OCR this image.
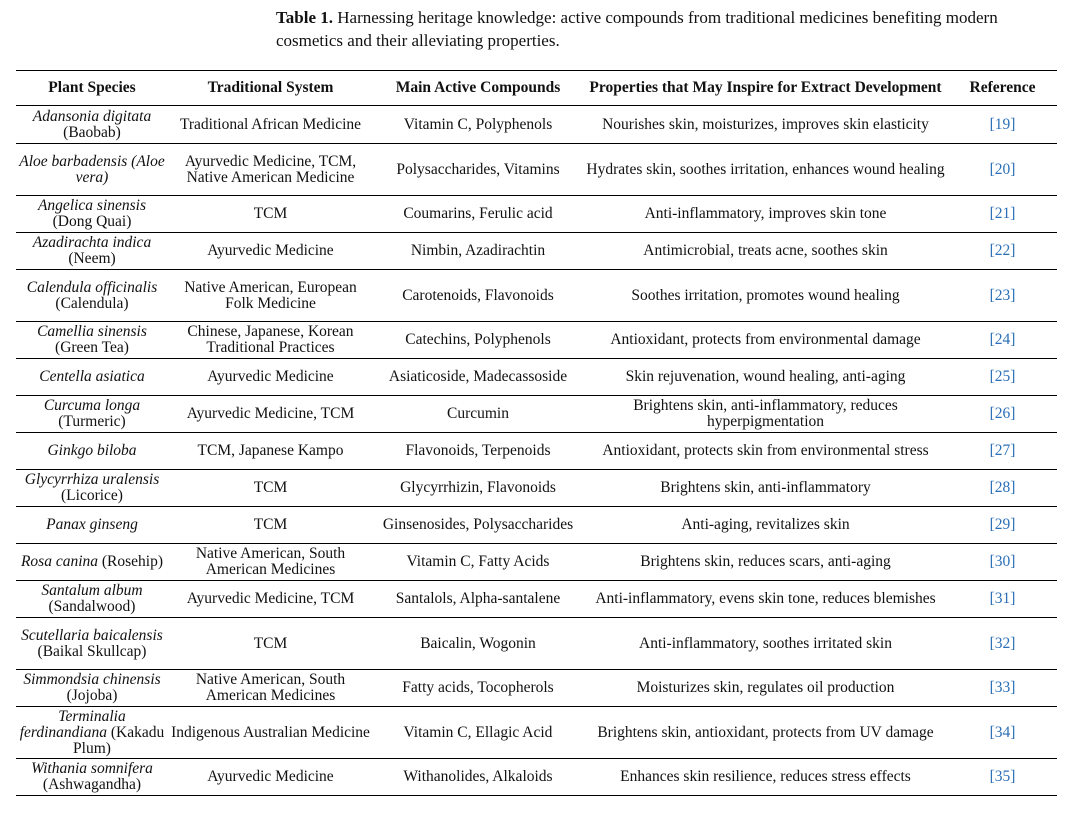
Table 1. Harnessing heritage knowledge: active compounds from traditional medicines benefiting modern cosmetics and their alleviating properties.
Plant Species	Traditional System	Main Active Compounds	Properties that May Inspire for Extract Development	Reference
Adansonia digitata (Baobab)	Traditional African Medicine	Vitamin C, Polyphenols	Nourishes skin, moisturizes, improves skin elasticity	[19]
Aloe barbadensis (Aloe vera)	Ayurvedic Medicine, TCM, Native American Medicine	Polysaccharides, Vitamins	Hydrates skin, soothes irritation, enhances wound healing	[20]
Angelica sinensis (Dong Quai)	TCM	Coumarins, Ferulic acid	Anti-inflammatory, improves skin tone	[21]
Azadirachta indica (Neem)	Ayurvedic Medicine	Nimbin, Azadirachtin	Antimicrobial, treats acne, soothes skin	[22]
Calendula officinalis (Calendula)	Native American, European Folk Medicine	Carotenoids, Flavonoids	Soothes irritation, promotes wound healing	[23]
Camellia sinensis (Green Tea)	Chinese, Japanese, Korean Traditional Practices	Catechins, Polyphenols	Antioxidant, protects from environmental damage	[24]
Centella asiatica	Ayurvedic Medicine	Asiaticoside, Madecassoside	Skin rejuvenation, wound healing, anti-aging	[25]
Curcuma longa (Turmeric)	Ayurvedic Medicine, TCM	Curcumin	Brightens skin, anti-inflammatory, reduces hyperpigmentation	[26]
Ginkgo biloba	TCM, Japanese Kampo	Flavonoids, Terpenoids	Antioxidant, protects skin from environmental stress	[27]
Glycyrrhiza uralensis (Licorice)	TCM	Glycyrrhizin, Flavonoids	Brightens skin, anti-inflammatory	[28]
Panax ginseng	TCM	Ginsenosides, Polysaccharides	Anti-aging, revitalizes skin	[29]
Rosa canina (Rosehip)	Native American, South American Medicines	Vitamin C, Fatty Acids	Brightens skin, reduces scars, anti-aging	[30]
Santalum album (Sandalwood)	Ayurvedic Medicine, TCM	Santalols, Alpha-santalene	Anti-inflammatory, evens skin tone, reduces blemishes	[31]
Scutellaria baicalensis (Baikal Skullcap)	TCM	Baicalin, Wogonin	Anti-inflammatory, soothes irritated skin	[32]
Simmondsia chinensis (Jojoba)	Native American, South American Medicines	Fatty acids, Tocopherols	Moisturizes skin, regulates oil production	[33]
Terminalia ferdinandiana (Kakadu Plum)	Indigenous Australian Medicine	Vitamin C, Ellagic Acid	Brightens skin, antioxidant, protects from UV damage	[34]
Withania somnifera (Ashwagandha)	Ayurvedic Medicine	Withanolides, Alkaloids	Enhances skin resilience, reduces stress effects	[35]
